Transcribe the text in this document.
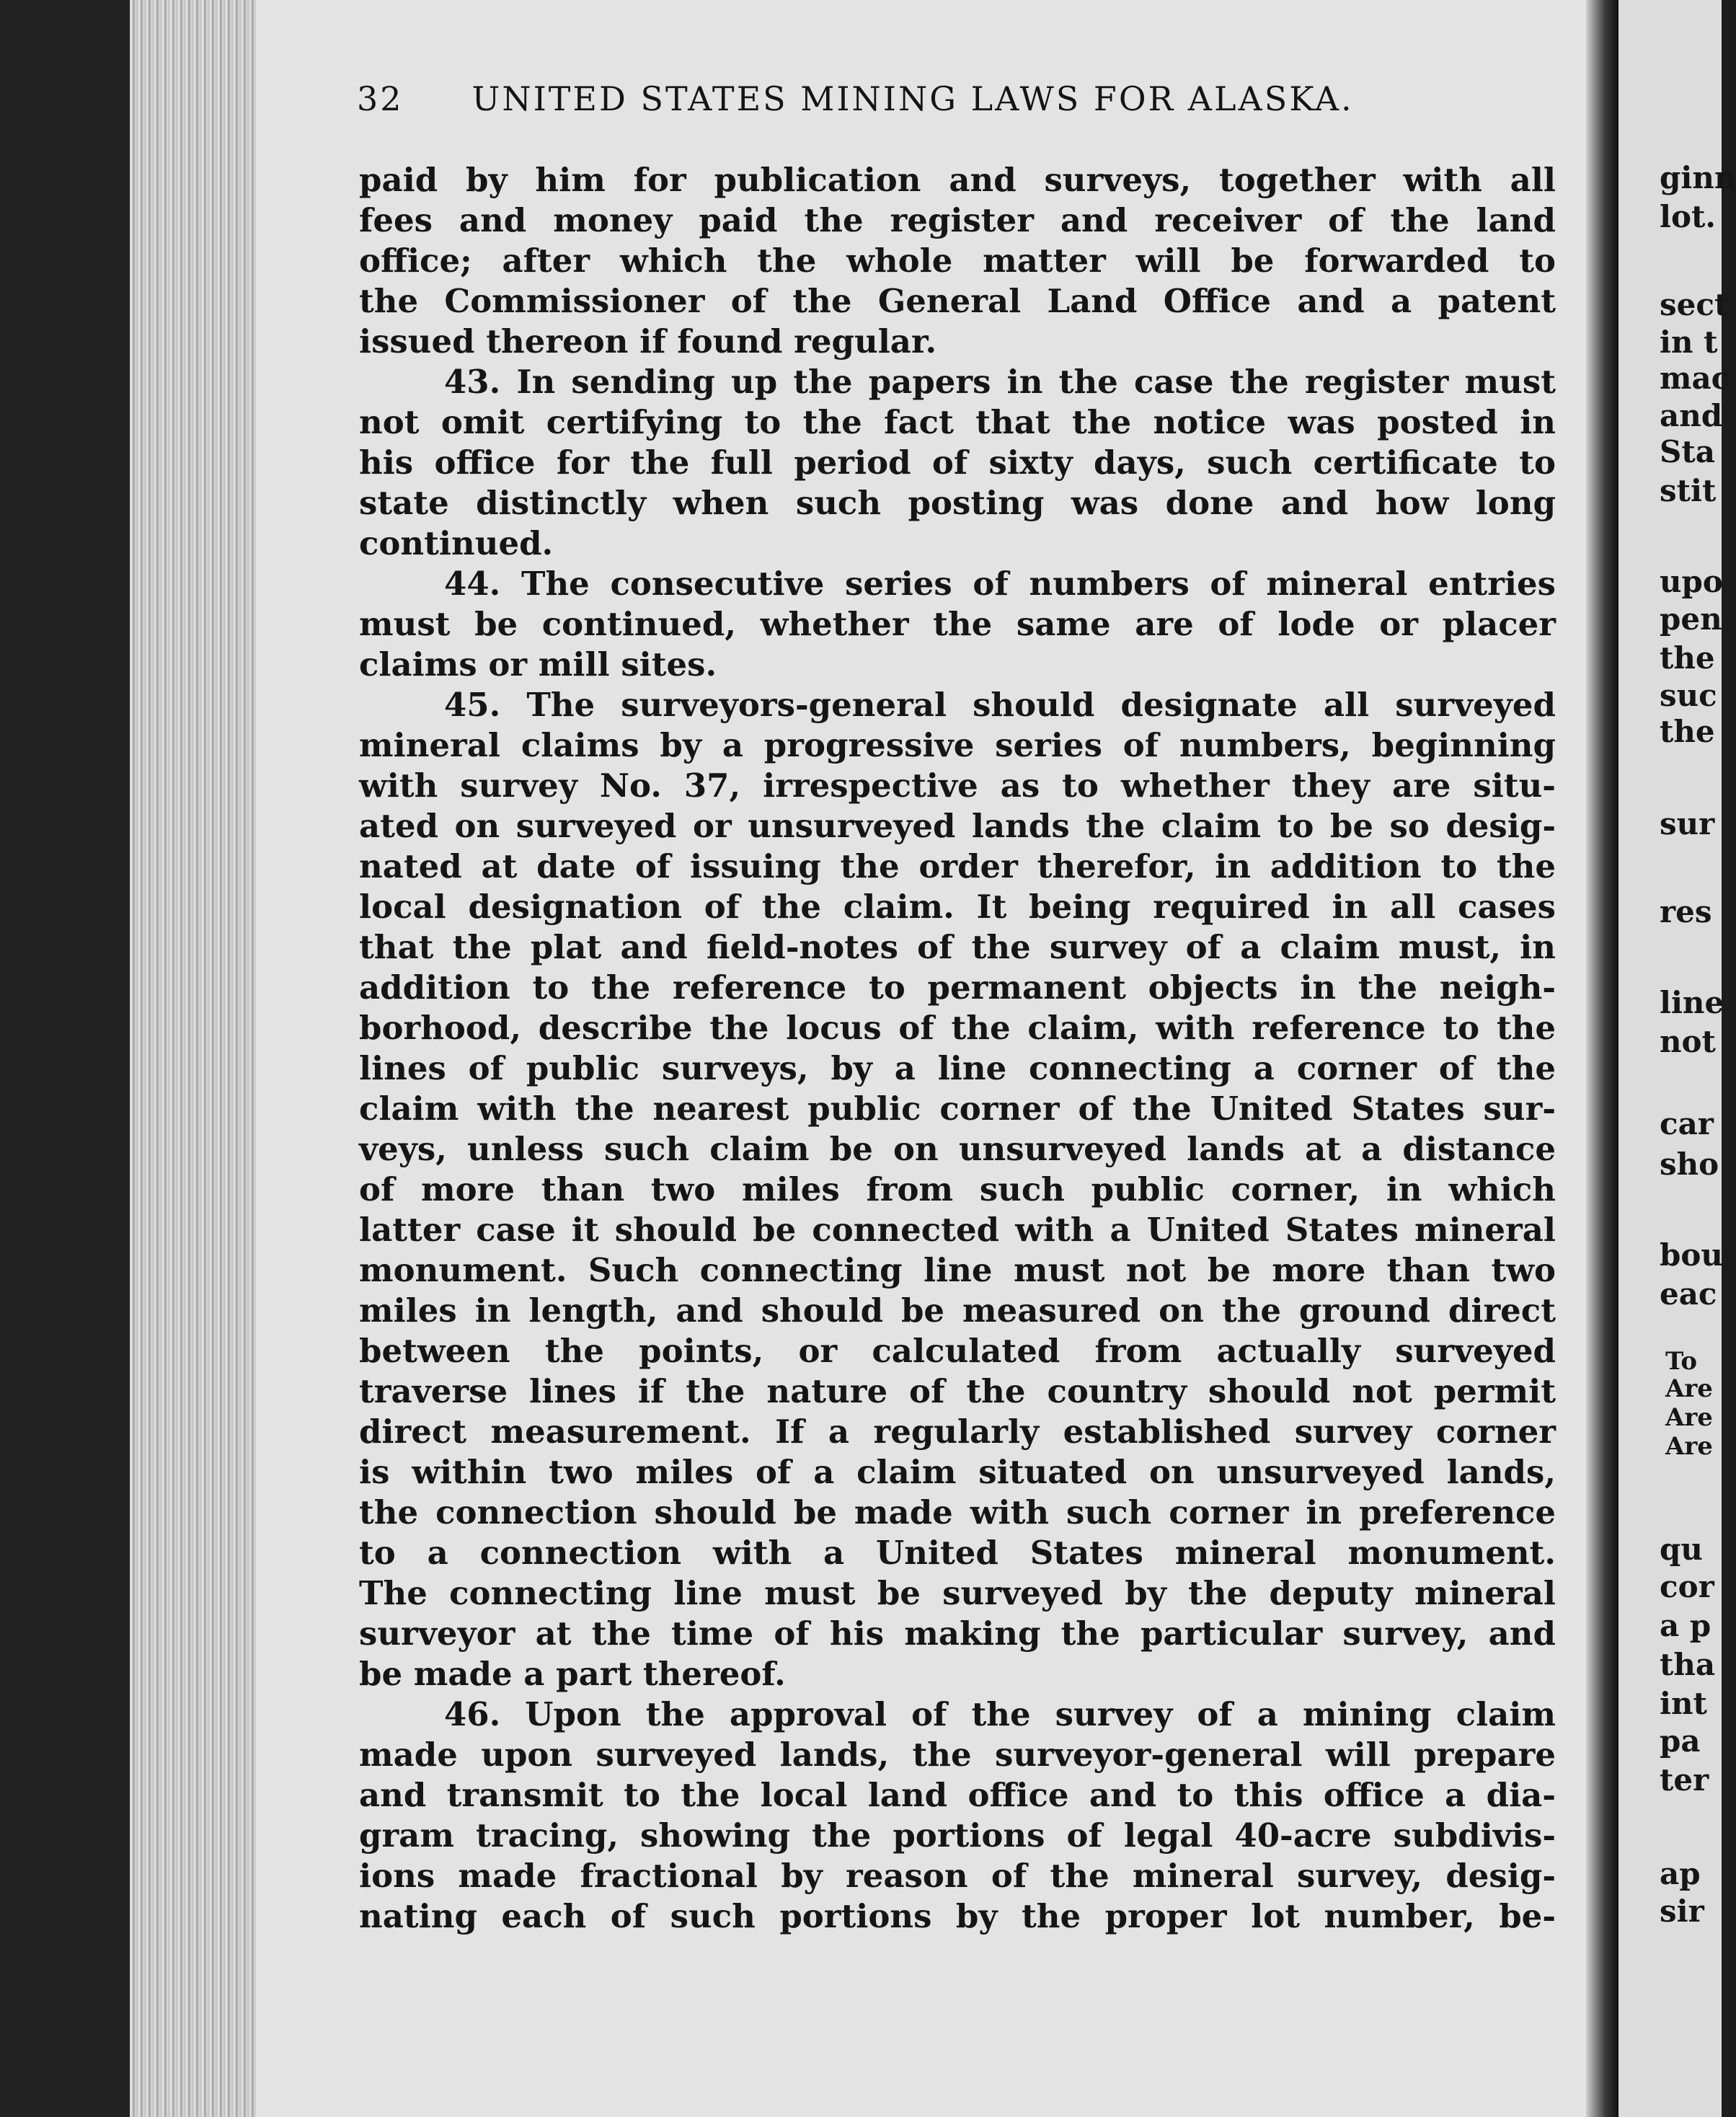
32 UNITED STATES MINING LAWS FOR ALASKA.
paid by him for publication and surveys, together with all
fees and money paid the register and receiver of the land
office; after which the whole matter will be forwarded to
the Commissioner of the General Land Office and a patent
issued thereon if found regular.
43. In sending up the papers in the case the register must
not omit certifying to the fact that the notice was posted in
his office for the full period of sixty days, such certificate to
state distinctly when such posting was done and how long
continued.
44. The consecutive series of numbers of mineral entries
must be continued, whether the same are of lode or placer
claims or mill sites.
45. The surveyors-general should designate all surveyed
mineral claims by a progressive series of numbers, beginning
with survey No. 37, irrespective as to whether they are situ-
ated on surveyed or unsurveyed lands the claim to be so desig-
nated at date of issuing the order therefor, in addition to the
local designation of the claim. It being required in all cases
that the plat and field-notes of the survey of a claim must, in
addition to the reference to permanent objects in the neigh-
borhood, describe the locus of the claim, with reference to the
lines of public surveys, by a line connecting a corner of the
claim with the nearest public corner of the United States sur-
veys, unless such claim be on unsurveyed lands at a distance
of more than two miles from such public corner, in which
latter case it should be connected with a United States mineral
monument. Such connecting line must not be more than two
miles in length, and should be measured on the ground direct
between the points, or calculated from actually surveyed
traverse lines if the nature of the country should not permit
direct measurement. If a regularly established survey corner
is within two miles of a claim situated on unsurveyed lands,
the connection should be made with such corner in preference
to a connection with a United States mineral monument.
The connecting line must be surveyed by the deputy mineral
surveyor at the time of his making the particular survey, and
be made a part thereof.
46. Upon the approval of the survey of a mining claim
made upon surveyed lands, the surveyor-general will prepare
and transmit to the local land office and to this office a dia-
gram tracing, showing the portions of legal 40-acre subdivis-
ions made fractional by reason of the mineral survey, desig-
nating each of such portions by the proper lot number, be-
ginn
lot.
sect
in t
mac
and
Sta
stit
upo
pen
the
suc
the
sur
res
line
not
car
sho
bou
eac
To
Are
Are
Are
qu
cor
a p
tha
int
pa
ter
ap
sir
